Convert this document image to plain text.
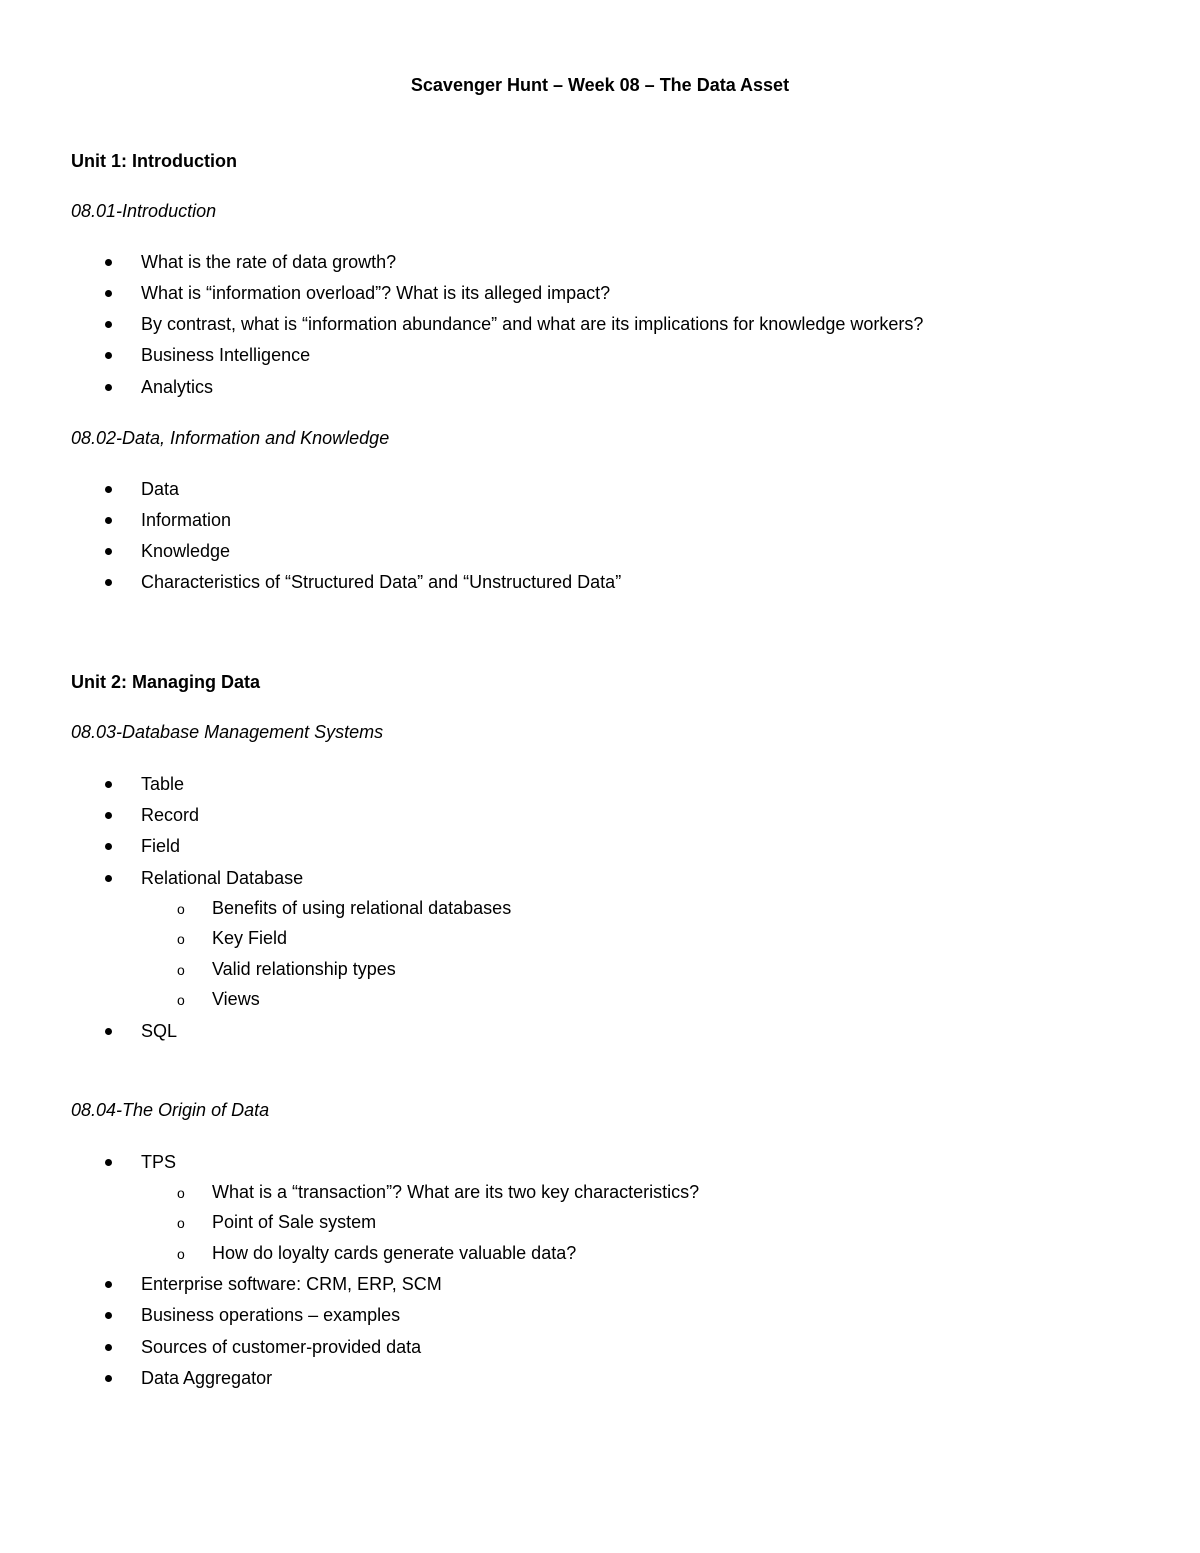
Scavenger Hunt – Week 08 – The Data Asset
Unit 1: Introduction
08.01-Introduction
What is the rate of data growth?
What is “information overload”? What is its alleged impact?
By contrast, what is “information abundance” and what are its implications for knowledge workers?
Business Intelligence
Analytics
08.02-Data, Information and Knowledge
Data
Information
Knowledge
Characteristics of “Structured Data” and “Unstructured Data”
Unit 2: Managing Data
08.03-Database Management Systems
Table
Record
Field
Relational Database
o Benefits of using relational databases
o Key Field
o Valid relationship types
o Views
SQL
08.04-The Origin of Data
TPS
o What is a “transaction”? What are its two key characteristics?
o Point of Sale system
o How do loyalty cards generate valuable data?
Enterprise software: CRM, ERP, SCM
Business operations – examples
Sources of customer-provided data
Data Aggregator
